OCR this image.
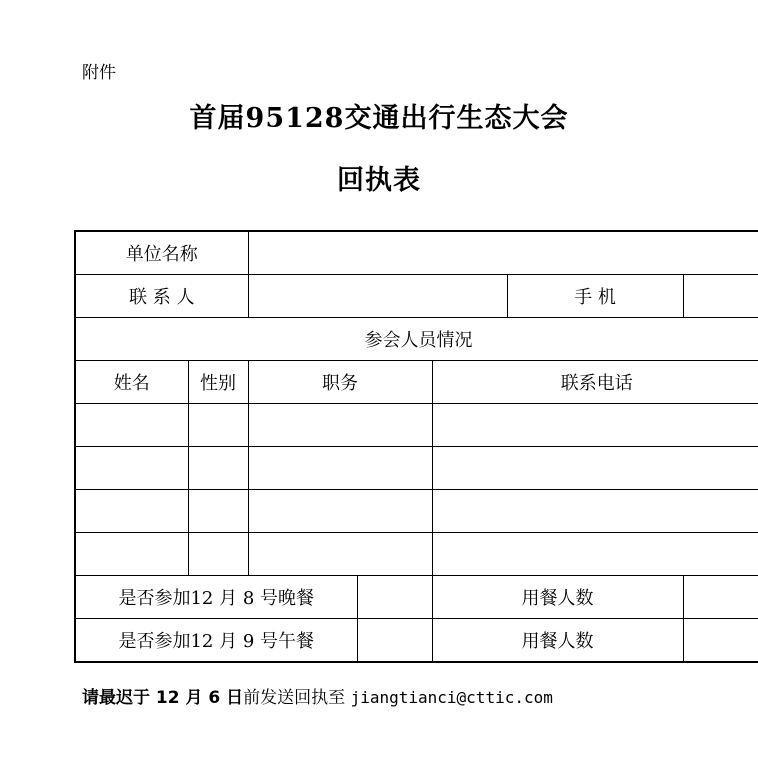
附件
首届95128交通出行生态大会
回执表
单位名称						
联 系 人					手 机	
参会人员情况						
姓名	性别	职务		联系电话		

是否参加12 月 8 号晚餐				用餐人数		
是否参加12 月 9 号午餐				用餐人数		
请最迟于 12 月 6 日前发送回执至 jiangtianci@cttic.com
